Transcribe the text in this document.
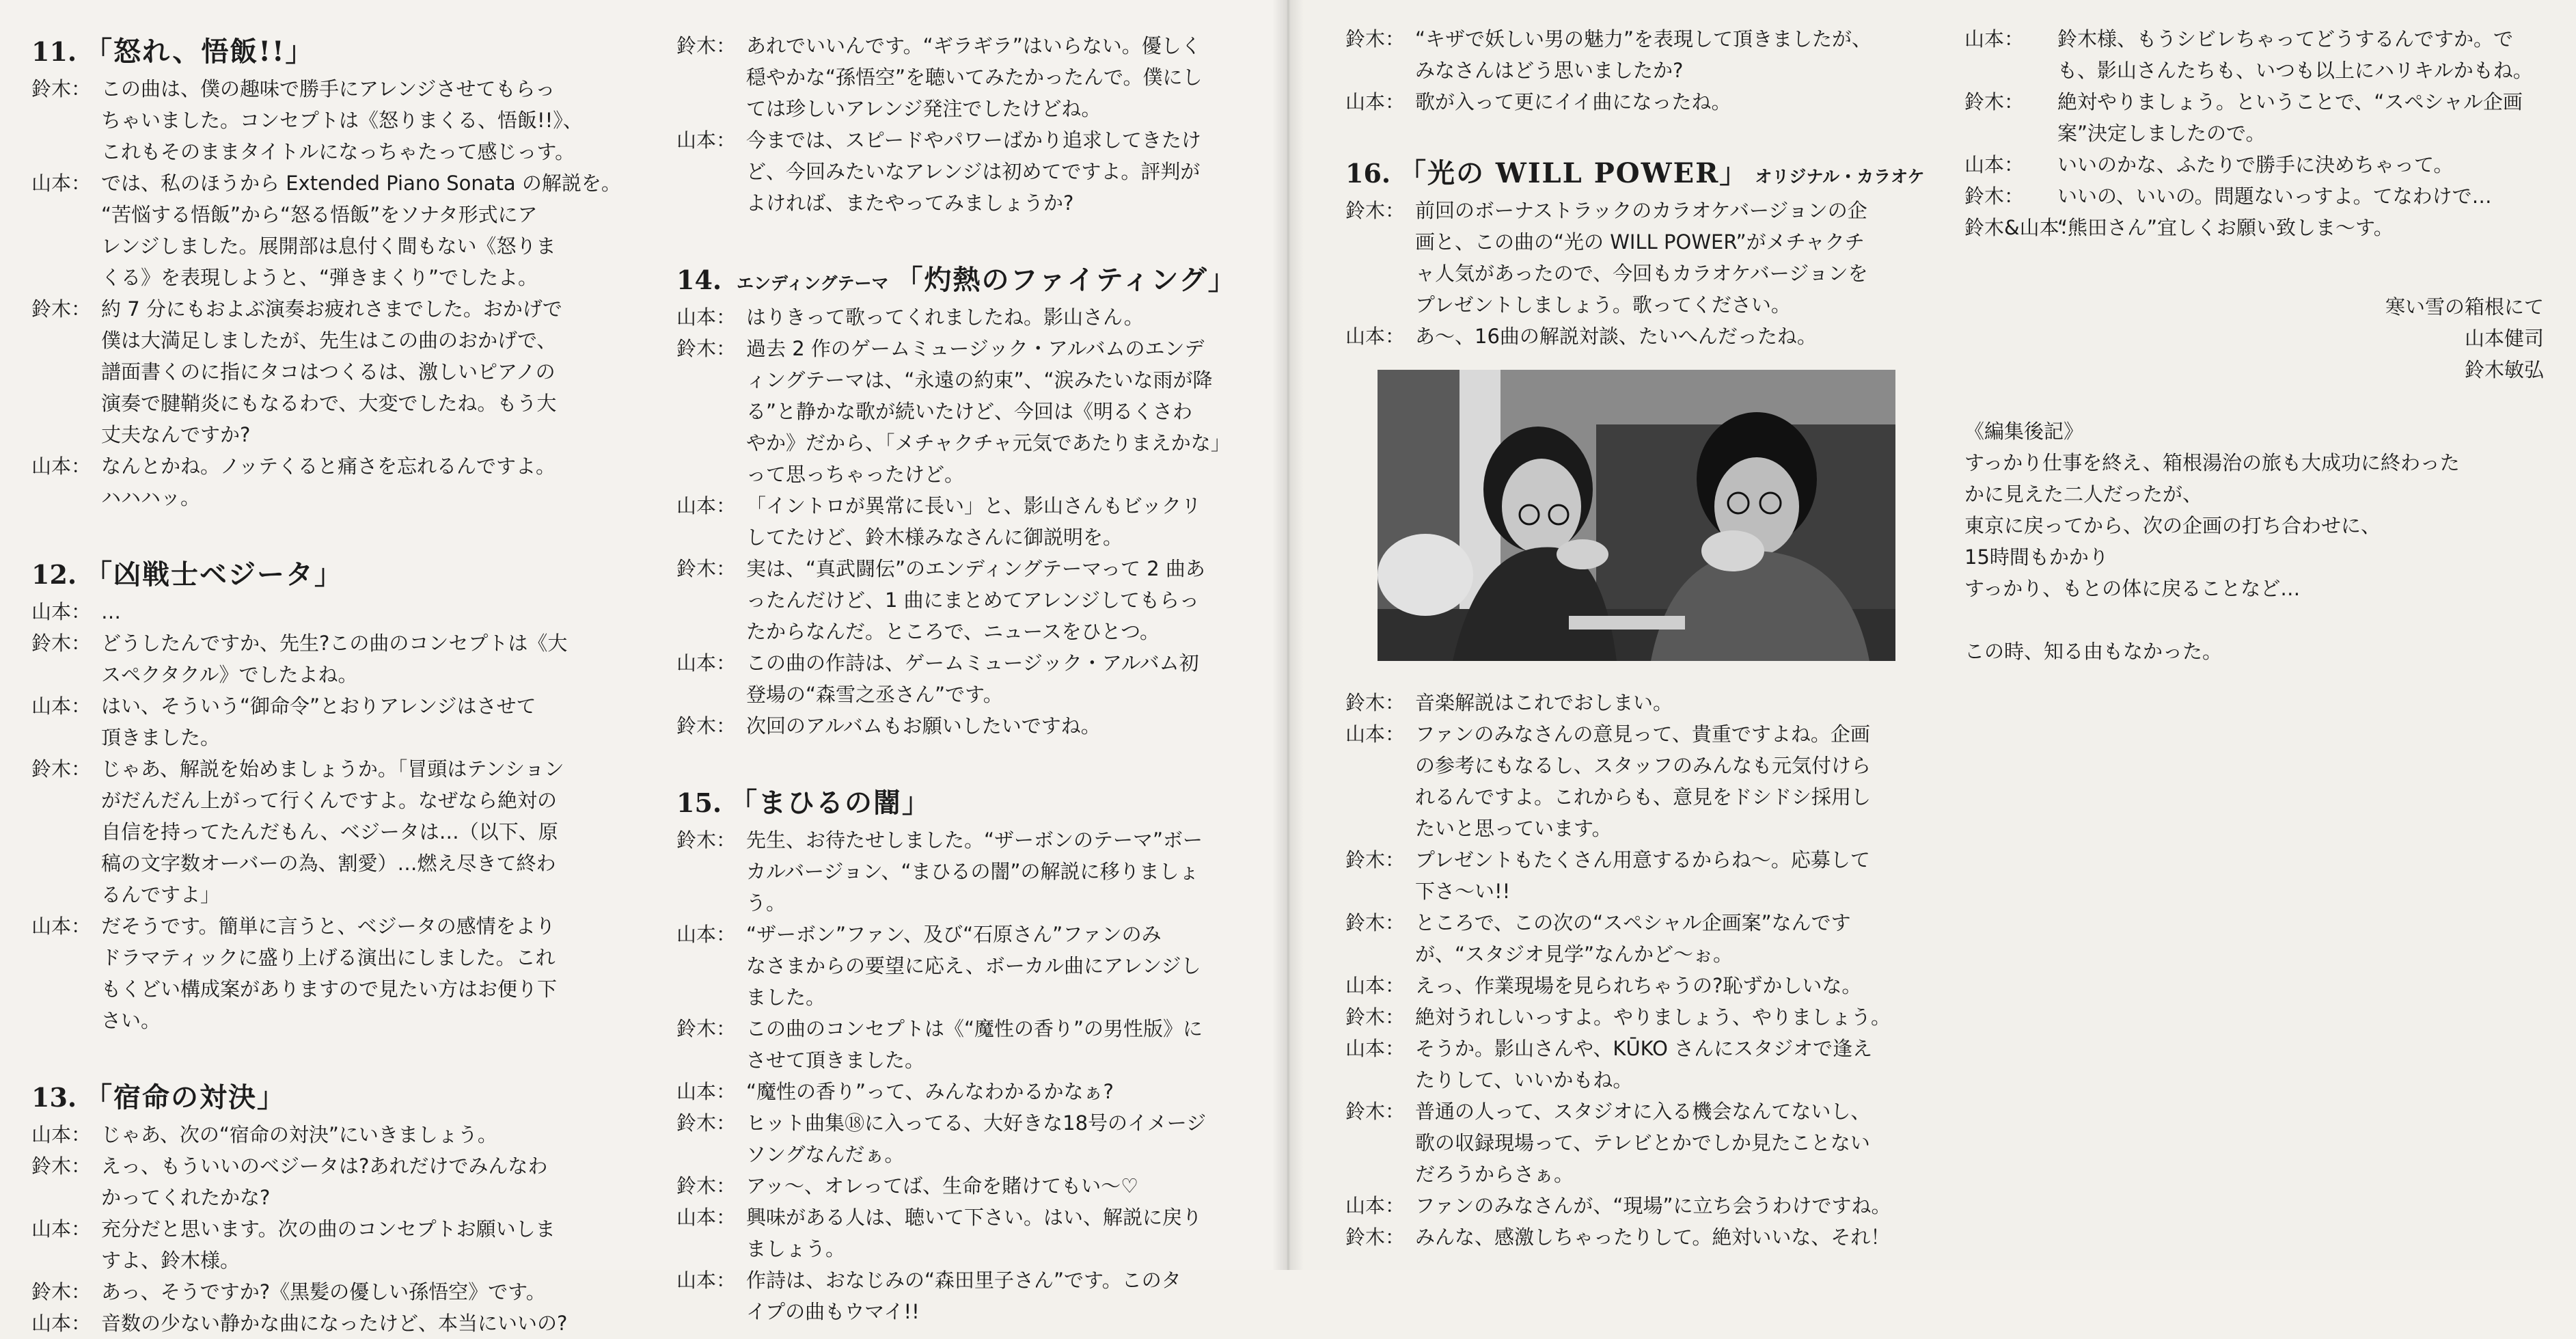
11. 「怒れ、悟飯!!」
鈴木： この曲は、僕の趣味で勝手にアレンジさせてもらっ
ちゃいました。コンセプトは《怒りまくる、悟飯!!》、
これもそのままタイトルになっちゃたって感じっす。
山本： では、私のほうから Extended Piano Sonata の解説を。
“苦悩する悟飯”から“怒る悟飯”をソナタ形式にア
レンジしました。展開部は息付く間もない《怒りま
くる》を表現しようと、“弾きまくり”でしたよ。
鈴木： 約 7 分にもおよぶ演奏お疲れさまでした。おかげで
僕は大満足しましたが、先生はこの曲のおかげで、
譜面書くのに指にタコはつくるは、激しいピアノの
演奏で腱鞘炎にもなるわで、大変でしたね。もう大
丈夫なんですか?
山本： なんとかね。ノッテくると痛さを忘れるんですよ。
ハハハッ。
12. 「凶戦士ベジータ」
山本： …
鈴木： どうしたんですか、先生?この曲のコンセプトは《大
スペクタクル》でしたよね。
山本： はい、そういう“御命令”とおりアレンジはさせて
頂きました。
鈴木： じゃあ、解説を始めましょうか。「冒頭はテンション
がだんだん上がって行くんですよ。なぜなら絶対の
自信を持ってたんだもん、ベジータは…（以下、原
稿の文字数オーバーの為、割愛）…燃え尽きて終わ
るんですよ」
山本： だそうです。簡単に言うと、ベジータの感情をより
ドラマティックに盛り上げる演出にしました。これ
もくどい構成案がありますので見たい方はお便り下
さい。
13. 「宿命の対決」
山本： じゃあ、次の“宿命の対決”にいきましょう。
鈴木： えっ、もういいのベジータは?あれだけでみんなわ
かってくれたかな?
山本： 充分だと思います。次の曲のコンセプトお願いしま
すよ、鈴木様。
鈴木： あっ、そうですか?《黒髪の優しい孫悟空》です。
山本： 音数の少ない静かな曲になったけど、本当にいいの?
鈴木： あれでいいんです。“ギラギラ”はいらない。優しく
穏やかな“孫悟空”を聴いてみたかったんで。僕にし
ては珍しいアレンジ発注でしたけどね。
山本： 今までは、スピードやパワーばかり追求してきたけ
ど、今回みたいなアレンジは初めてですよ。評判が
よければ、またやってみましょうか?
14. エンディングテーマ 「灼熱のファイティング」
山本： はりきって歌ってくれましたね。影山さん。
鈴木： 過去 2 作のゲームミュージック・アルバムのエンデ
ィングテーマは、“永遠の約束”、“涙みたいな雨が降
る”と静かな歌が続いたけど、今回は《明るくさわ
やか》だから、「メチャクチャ元気であたりまえかな」
って思っちゃったけど。
山本： 「イントロが異常に長い」と、影山さんもビックリ
してたけど、鈴木様みなさんに御説明を。
鈴木： 実は、“真武闘伝”のエンディングテーマって 2 曲あ
ったんだけど、1 曲にまとめてアレンジしてもらっ
たからなんだ。ところで、ニュースをひとつ。
山本： この曲の作詩は、ゲームミュージック・アルバム初
登場の“森雪之丞さん”です。
鈴木： 次回のアルバムもお願いしたいですね。
15. 「まひるの闇」
鈴木： 先生、お待たせしました。“ザーボンのテーマ”ボー
カルバージョン、“まひるの闇”の解説に移りましょ
う。
山本： “ザーボン”ファン、及び“石原さん”ファンのみ
なさまからの要望に応え、ボーカル曲にアレンジし
ました。
鈴木： この曲のコンセプトは《“魔性の香り”の男性版》に
させて頂きました。
山本： “魔性の香り”って、みんなわかるかなぁ?
鈴木： ヒット曲集⑱に入ってる、大好きな18号のイメージ
ソングなんだぁ。
鈴木： アッ〜、オレってば、生命を賭けてもい〜♡
山本： 興味がある人は、聴いて下さい。はい、解説に戻り
ましょう。
山本： 作詩は、おなじみの“森田里子さん”です。このタ
イプの曲もウマイ!!
鈴木： “キザで妖しい男の魅力”を表現して頂きましたが、
みなさんはどう思いましたか?
山本： 歌が入って更にイイ曲になったね。
16. 「光の WILL POWER」 オリジナル・カラオケ
鈴木： 前回のボーナストラックのカラオケバージョンの企
画と、この曲の“光の WILL POWER”がメチャクチ
ャ人気があったので、今回もカラオケバージョンを
プレゼントしましょう。歌ってください。
山本： あ〜、16曲の解説対談、たいへんだったね。
鈴木： 音楽解説はこれでおしまい。
山本： ファンのみなさんの意見って、貴重ですよね。企画
の参考にもなるし、スタッフのみんなも元気付けら
れるんですよ。これからも、意見をドシドシ採用し
たいと思っています。
鈴木： プレゼントもたくさん用意するからね〜。応募して
下さ〜い!!
鈴木： ところで、この次の“スペシャル企画案”なんです
が、“スタジオ見学”なんかど〜ぉ。
山本： えっ、作業現場を見られちゃうの?恥ずかしいな。
鈴木： 絶対うれしいっすよ。やりましょう、やりましょう。
山本： そうか。影山さんや、KŪKO さんにスタジオで逢え
たりして、いいかもね。
鈴木： 普通の人って、スタジオに入る機会なんてないし、
歌の収録現場って、テレビとかでしか見たことない
だろうからさぁ。
山本： ファンのみなさんが、“現場”に立ち会うわけですね。
鈴木： みんな、感激しちゃったりして。絶対いいな、それ！
山本：	鈴木様、もうシビレちゃってどうするんですか。で
も、影山さんたちも、いつも以上にハリキルかもね。
鈴木：	絶対やりましょう。ということで、“スペシャル企画
案”決定しましたので。
山本：	いいのかな、ふたりで勝手に決めちゃって。
鈴木：	いいの、いいの。問題ないっすよ。てなわけで…
鈴木&山本：
“熊田さん”宜しくお願い致しま〜す。
寒い雪の箱根にて
山本健司
鈴木敏弘
《編集後記》
すっかり仕事を終え、箱根湯治の旅も大成功に終わった
かに見えた二人だったが、
東京に戻ってから、次の企画の打ち合わせに、
15時間もかかり
すっかり、もとの体に戻ることなど…
この時、知る由もなかった。
